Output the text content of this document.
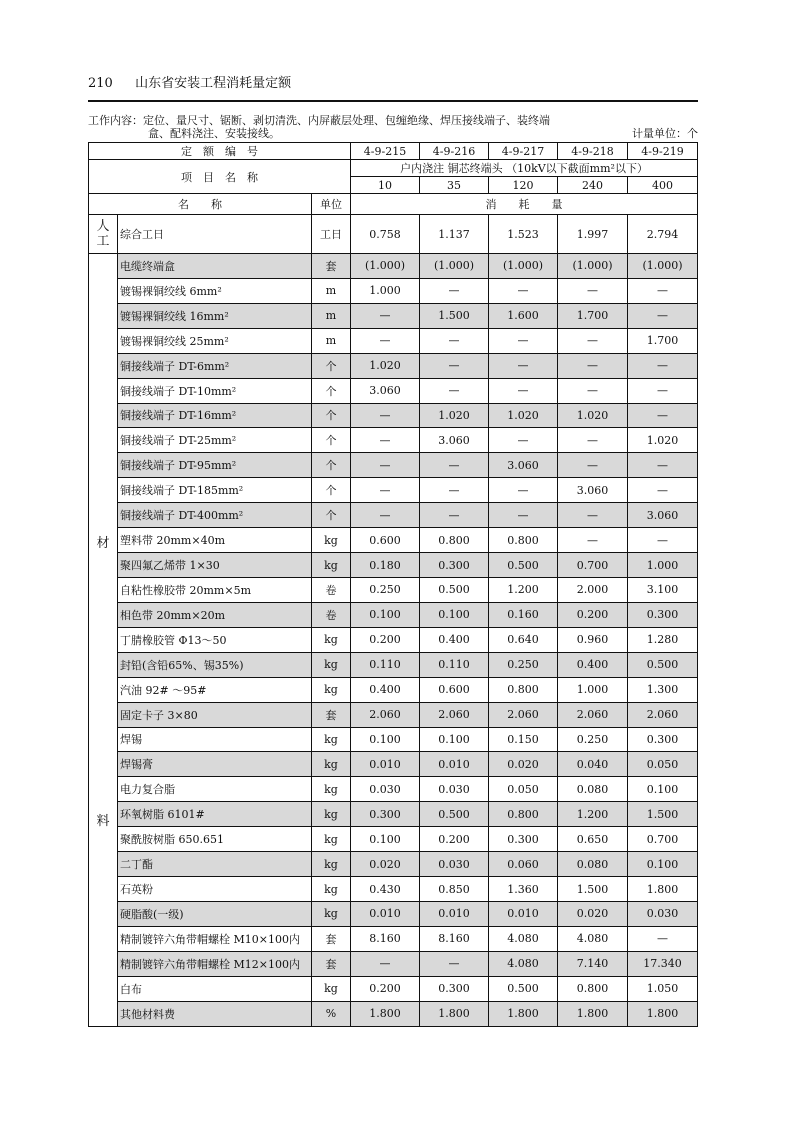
210 山东省安装工程消耗量定额
工作内容：定位、量尺寸、锯断、剥切清洗、内屏蔽层处理、包缠绝缘、焊压接线端子、装终端
盒、配料浇注、安装接线。	计量单位：个
定　额　编　号			4-9-215	4-9-216	4-9-217	4-9-218	4-9-219
项　目　名　称			户内浇注 铜芯终端头 （10kV以下截面mm²以下）				
			10	35	120	240	400
名　　称		单位	消　　耗　　量				
人工	综合工日	工日	0.758	1.137	1.523	1.997	2.794

材
料	电缆终端盒	套	(1.000)	(1.000)	(1.000)	(1.000)	(1.000)
	镀锡裸铜绞线 6mm²	m	1.000	—	—	—	—
	镀锡裸铜绞线 16mm²	m	—	1.500	1.600	1.700	—
	镀锡裸铜绞线 25mm²	m	—	—	—	—	1.700
	铜接线端子 DT-6mm²	个	1.020	—	—	—	—
	铜接线端子 DT-10mm²	个	3.060	—	—	—	—
	铜接线端子 DT-16mm²	个	—	1.020	1.020	1.020	—
	铜接线端子 DT-25mm²	个	—	3.060	—	—	1.020
	铜接线端子 DT-95mm²	个	—	—	3.060	—	—
	铜接线端子 DT-185mm²	个	—	—	—	3.060	—
	铜接线端子 DT-400mm²	个	—	—	—	—	3.060
	塑料带 20mm×40m	kg	0.600	0.800	0.800	—	—
	聚四氟乙烯带 1×30	kg	0.180	0.300	0.500	0.700	1.000
	自粘性橡胶带 20mm×5m	卷	0.250	0.500	1.200	2.000	3.100
	相色带 20mm×20m	卷	0.100	0.100	0.160	0.200	0.300
	丁腈橡胶管 Φ13～50	kg	0.200	0.400	0.640	0.960	1.280
	封铅(含铅65%、锡35%)	kg	0.110	0.110	0.250	0.400	0.500
	汽油 92# ～95#	kg	0.400	0.600	0.800	1.000	1.300
	固定卡子 3×80	套	2.060	2.060	2.060	2.060	2.060
	焊锡	kg	0.100	0.100	0.150	0.250	0.300
	焊锡膏	kg	0.010	0.010	0.020	0.040	0.050
	电力复合脂	kg	0.030	0.030	0.050	0.080	0.100
	环氧树脂 6101#	kg	0.300	0.500	0.800	1.200	1.500
	聚酰胺树脂 650.651	kg	0.100	0.200	0.300	0.650	0.700
	二丁酯	kg	0.020	0.030	0.060	0.080	0.100
	石英粉	kg	0.430	0.850	1.360	1.500	1.800
	硬脂酸(一级)	kg	0.010	0.010	0.010	0.020	0.030
	精制镀锌六角带帽螺栓 M10×100内	套	8.160	8.160	4.080	4.080	—
	精制镀锌六角带帽螺栓 M12×100内	套	—	—	4.080	7.140	17.340
	白布	kg	0.200	0.300	0.500	0.800	1.050
	其他材料费	%	1.800	1.800	1.800	1.800	1.800
